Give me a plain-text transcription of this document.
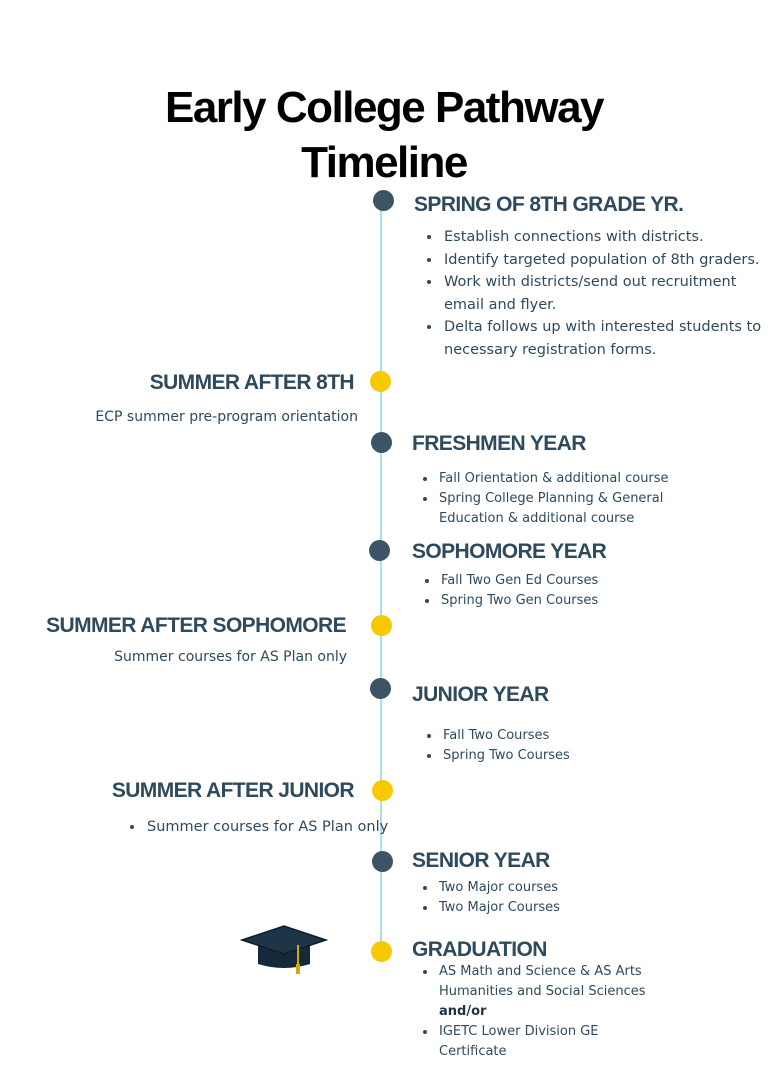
Early College Pathway
Timeline
SPRING OF 8TH GRADE YR.
• Establish connections with districts.
• Identify targeted population of 8th graders.
• Work with districts/send out recruitment email and flyer.
• Delta follows up with interested students to necessary registration forms.
SUMMER AFTER 8TH
ECP summer pre-program orientation
FRESHMEN YEAR
• Fall Orientation & additional course
• Spring College Planning & General Education & additional course
SOPHOMORE YEAR
• Fall Two Gen Ed Courses
• Spring Two Gen Courses
SUMMER AFTER SOPHOMORE
Summer courses for AS Plan only
JUNIOR YEAR
• Fall Two Courses
• Spring Two Courses
SUMMER AFTER JUNIOR
• Summer courses for AS Plan only
SENIOR YEAR
• Two Major courses
• Two Major Courses
GRADUATION
• AS Math and Science & AS Arts Humanities and Social Sciences
and/or
• IGETC Lower Division GE Certificate
